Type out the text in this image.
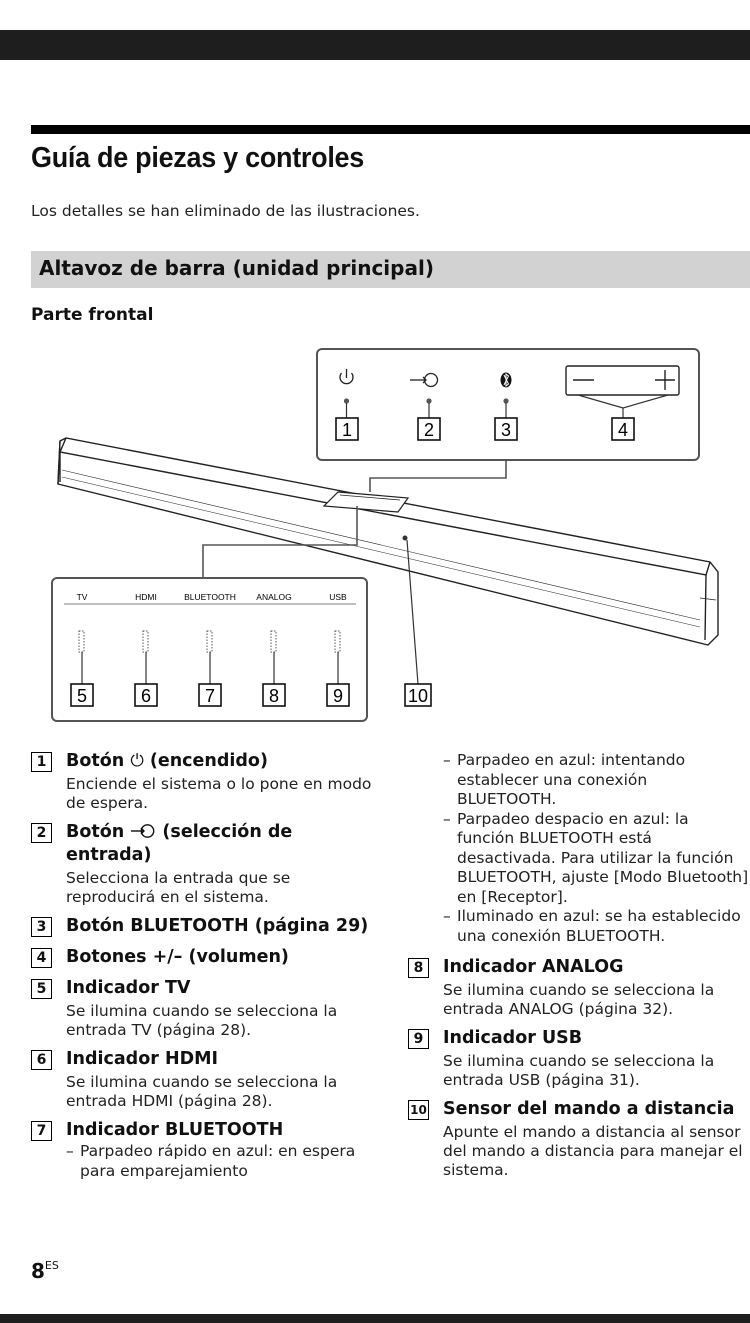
Guía de piezas y controles
Los detalles se han eliminado de las ilustraciones.
Altavoz de barra (unidad principal)
Parte frontal
1	2	3	4
TV
5
HDMI
6
BLUETOOTH
7
ANALOG
8
USB
9	10
1	Botón ⏻ (encendido)
Enciende el sistema o lo pone en modo de espera.
2	Botón  (selección de entrada)
Selecciona la entrada que se reproducirá en el sistema.
3	Botón BLUETOOTH (página 29)
4	Botones +/– (volumen)
5	Indicador TV
Se ilumina cuando se selecciona la entrada TV (página 28).
6	Indicador HDMI
Se ilumina cuando se selecciona la entrada HDMI (página 28).
7	Indicador BLUETOOTH
– Parpadeo rápido en azul: en espera para emparejamiento
– Parpadeo en azul: intentando establecer una conexión BLUETOOTH.
– Parpadeo despacio en azul: la función BLUETOOTH está desactivada. Para utilizar la función BLUETOOTH, ajuste [Modo Bluetooth] en [Receptor].
– Iluminado en azul: se ha establecido una conexión BLUETOOTH.
8	Indicador ANALOG
Se ilumina cuando se selecciona la entrada ANALOG (página 32).
9	Indicador USB
Se ilumina cuando se selecciona la entrada USB (página 31).
10 Sensor del mando a distancia
Apunte el mando a distancia al sensor del mando a distancia para manejar el sistema.
$8^{ES}$
